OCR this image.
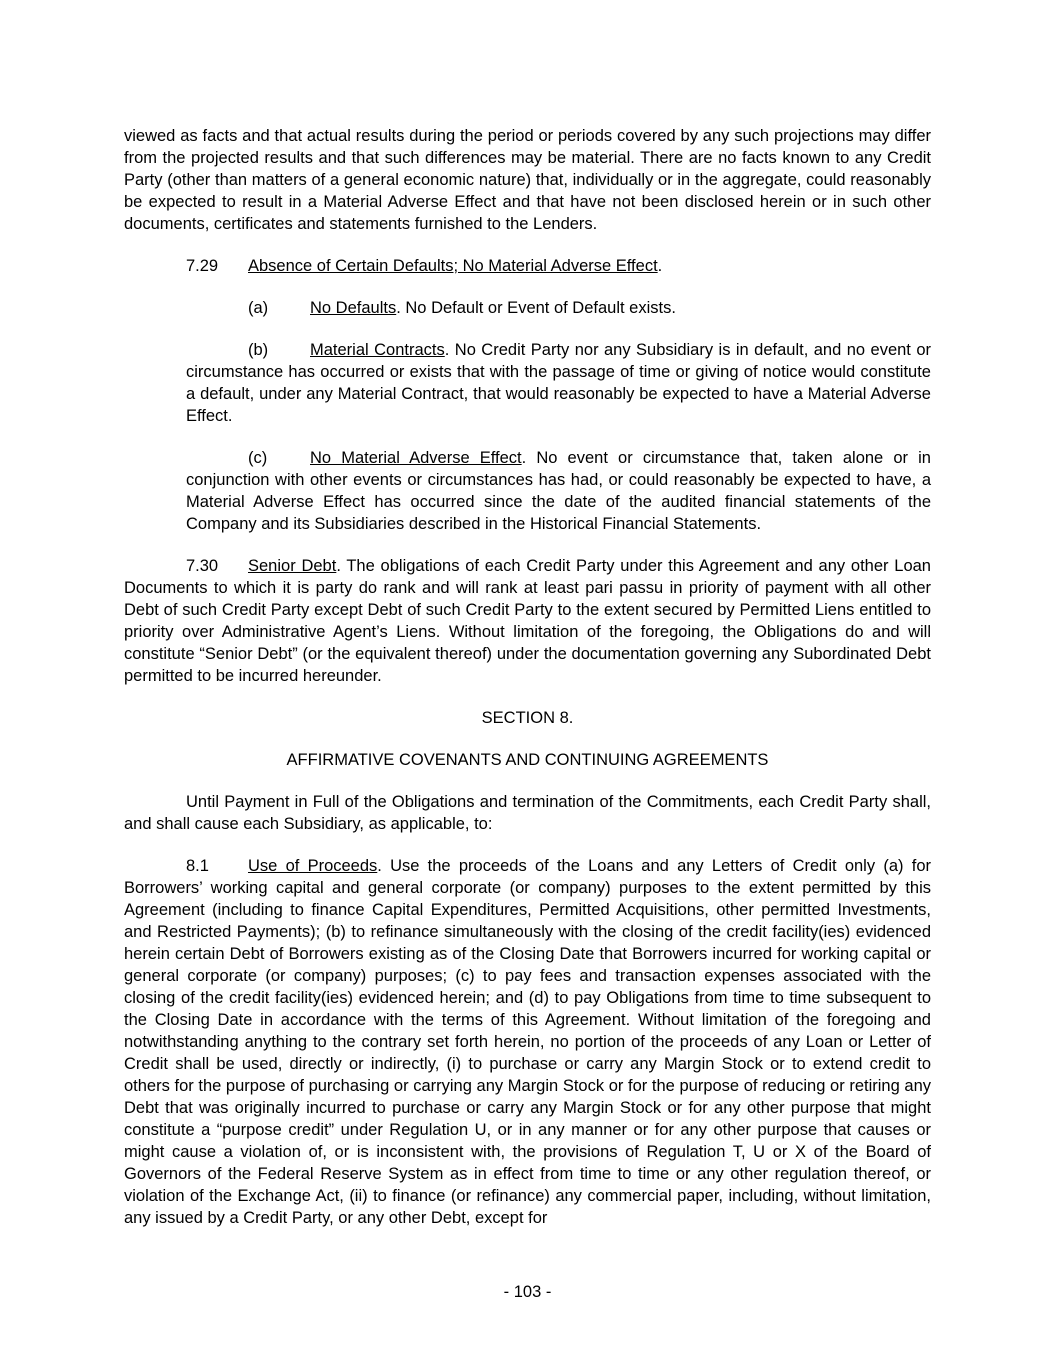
viewed as facts and that actual results during the period or periods covered by any such projections may differ from the projected results and that such differences may be material. There are no facts known to any Credit Party (other than matters of a general economic nature) that, individually or in the aggregate, could reasonably be expected to result in a Material Adverse Effect and that have not been disclosed herein or in such other documents, certificates and statements furnished to the Lenders.

7.29 Absence of Certain Defaults; No Material Adverse Effect.

(a)	No Defaults. No Default or Event of Default exists.

(b)	Material Contracts. No Credit Party nor any Subsidiary is in default, and no event or circumstance has occurred or exists that with the passage of time or giving of notice would constitute a default, under any Material Contract, that would reasonably be expected to have a Material Adverse Effect.

(c)	No Material Adverse Effect. No event or circumstance that, taken alone or in conjunction with other events or circumstances has had, or could reasonably be expected to have, a Material Adverse Effect has occurred since the date of the audited financial statements of the Company and its Subsidiaries described in the Historical Financial Statements.

7.30 Senior Debt. The obligations of each Credit Party under this Agreement and any other Loan Documents to which it is party do rank and will rank at least pari passu in priority of payment with all other Debt of such Credit Party except Debt of such Credit Party to the extent secured by Permitted Liens entitled to priority over Administrative Agent’s Liens. Without limitation of the foregoing, the Obligations do and will constitute “Senior Debt” (or the equivalent thereof) under the documentation governing any Subordinated Debt permitted to be incurred hereunder.

SECTION 8.

AFFIRMATIVE COVENANTS AND CONTINUING AGREEMENTS

Until Payment in Full of the Obligations and termination of the Commitments, each Credit Party shall, and shall cause each Subsidiary, as applicable, to:

8.1 Use of Proceeds. Use the proceeds of the Loans and any Letters of Credit only (a) for Borrowers’ working capital and general corporate (or company) purposes to the extent permitted by this Agreement (including to finance Capital Expenditures, Permitted Acquisitions, other permitted Investments, and Restricted Payments); (b) to refinance simultaneously with the closing of the credit facility(ies) evidenced herein certain Debt of Borrowers existing as of the Closing Date that Borrowers incurred for working capital or general corporate (or company) purposes; (c) to pay fees and transaction expenses associated with the closing of the credit facility(ies) evidenced herein; and (d) to pay Obligations from time to time subsequent to the Closing Date in accordance with the terms of this Agreement. Without limitation of the foregoing and notwithstanding anything to the contrary set forth herein, no portion of the proceeds of any Loan or Letter of Credit shall be used, directly or indirectly, (i) to purchase or carry any Margin Stock or to extend credit to others for the purpose of purchasing or carrying any Margin Stock or for the purpose of reducing or retiring any Debt that was originally incurred to purchase or carry any Margin Stock or for any other purpose that might constitute a “purpose credit” under Regulation U, or in any manner or for any other purpose that causes or might cause a violation of, or is inconsistent with, the provisions of Regulation T, U or X of the Board of Governors of the Federal Reserve System as in effect from time to time or any other regulation thereof, or violation of the Exchange Act, (ii) to finance (or refinance) any commercial paper, including, without limitation, any issued by a Credit Party, or any other Debt, except for

- 103 -
